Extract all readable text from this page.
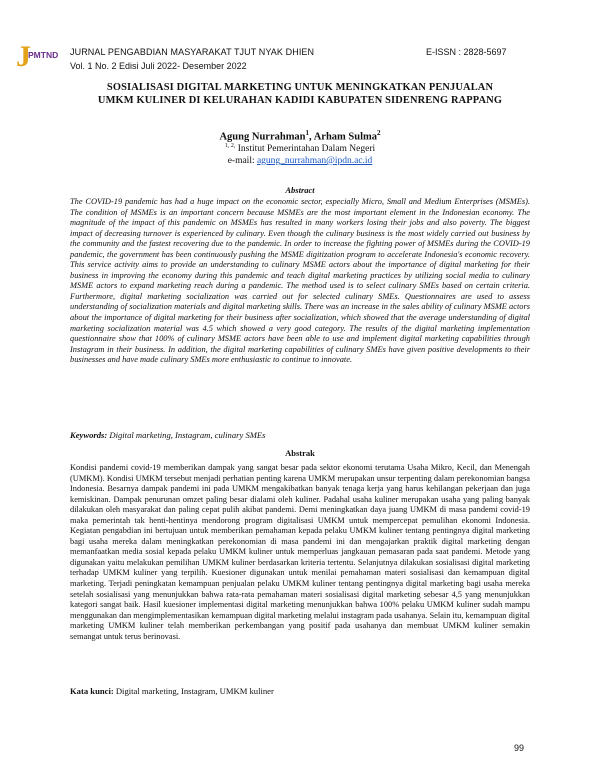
J
PMTND JURNAL PENGABDIAN MASYARAKAT TJUT NYAK DHIEN
Vol. 1 No. 2 Edisi Juli 2022- Desember 2022
E-ISSN : 2828-5697
SOSIALISASI DIGITAL MARKETING UNTUK MENINGKATKAN PENJUALAN
UMKM KULINER DI KELURAHAN KADIDI KABUPATEN SIDENRENG RAPPANG
Agung Nurrahman$^1$, Arham Sulma$^2$
$^{1, 2,}$ Institut Pemerintahan Dalam Negeri
e-mail: agung_nurrahman@ipdn.ac.id
Abstract
The COVID-19 pandemic has had a huge impact on the economic sector, especially Micro, Small and Medium Enterprises (MSMEs). The condition of MSMEs is an important concern because MSMEs are the most important element in the Indonesian economy. The magnitude of the impact of this pandemic on MSMEs has resulted in many workers losing their jobs and also poverty. The biggest impact of decreasing turnover is experienced by culinary. Even though the culinary business is the most widely carried out business by the community and the fastest recovering due to the pandemic. In order to increase the fighting power of MSMEs during the COVID-19 pandemic, the government has been continuously pushing the MSME digitization program to accelerate Indonesia's economic recovery. This service activity aims to provide an understanding to culinary MSME actors about the importance of digital marketing for their business in improving the economy during this pandemic and teach digital marketing practices by utilizing social media to culinary MSME actors to expand marketing reach during a pandemic. The method used is to select culinary SMEs based on certain criteria. Furthermore, digital marketing socialization was carried out for selected culinary SMEs. Questionnaires are used to assess understanding of socialization materials and digital marketing skills. There was an increase in the sales ability of culinary MSME actors about the importance of digital marketing for their business after socialization, which showed that the average understanding of digital marketing socialization material was 4.5 which showed a very good category. The results of the digital marketing implementation questionnaire show that 100% of culinary MSME actors have been able to use and implement digital marketing capabilities through Instagram in their business. In addition, the digital marketing capabilities of culinary SMEs have given positive developments to their businesses and have made culinary SMEs more enthusiastic to continue to innovate.
Keywords: Digital marketing, Instagram, culinary SMEs
Abstrak
Kondisi pandemi covid-19 memberikan dampak yang sangat besar pada sektor ekonomi terutama Usaha Mikro, Kecil, dan Menengah (UMKM). Kondisi UMKM tersebut menjadi perhatian penting karena UMKM merupakan unsur terpenting dalam perekonomian bangsa Indonesia. Besarnya dampak pandemi ini pada UMKM mengakibatkan banyak tenaga kerja yang harus kehilangan pekerjaan dan juga kemiskinan. Dampak penurunan omzet paling besar dialami oleh kuliner. Padahal usaha kuliner merupakan usaha yang paling banyak dilakukan oleh masyarakat dan paling cepat pulih akibat pandemi. Demi meningkatkan daya juang UMKM di masa pandemi covid-19 maka pemerintah tak henti-hentinya mendorong program digitalisasi UMKM untuk mempercepat pemulihan ekonomi Indonesia. Kegiatan pengabdian ini bertujuan untuk memberikan pemahaman kepada pelaku UMKM kuliner tentang pentingnya digital marketing bagi usaha mereka dalam meningkatkan perekonomian di masa pandemi ini dan mengajarkan praktik digital marketing dengan memanfaatkan media sosial kepada pelaku UMKM kuliner untuk memperluas jangkauan pemasaran pada saat pandemi. Metode yang digunakan yaitu melakukan pemilihan UMKM kuliner berdasarkan kriteria tertentu. Selanjutnya dilakukan sosialisasi digital marketing terhadap UMKM kuliner yang terpilih. Kuesioner digunakan untuk menilai pemahaman materi sosialisasi dan kemampuan digital marketing. Terjadi peningkatan kemampuan penjualan pelaku UMKM kuliner tentang pentingnya digital marketing bagi usaha mereka setelah sosialisasi yang menunjukkan bahwa rata-rata pemahaman materi sosialisasi digital marketing sebesar 4,5 yang menunjukkan kategori sangat baik. Hasil kuesioner implementasi digital marketing menunjukkan bahwa 100% pelaku UMKM kuliner sudah mampu menggunakan dan mengimplementasikan kemampuan digital marketing melalui instagram pada usahanya. Selain itu, kemampuan digital marketing UMKM kuliner telah memberikan perkembangan yang positif pada usahanya dan membuat UMKM kuliner semakin semangat untuk terus berinovasi.
Kata kunci: Digital marketing, Instagram, UMKM kuliner
99
